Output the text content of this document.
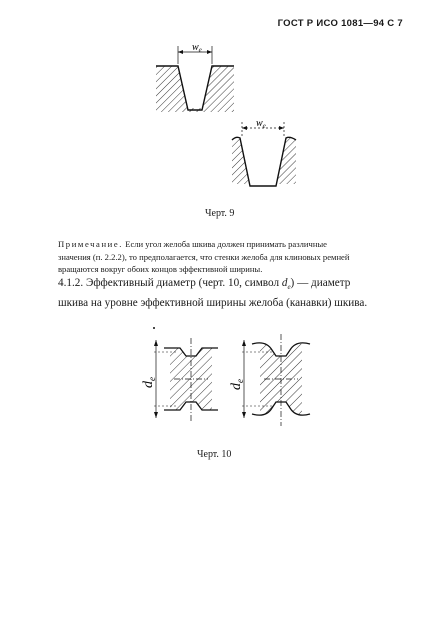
ГОСТ Р ИСО 1081—94 С 7
$w_e$
$w_e$
Черт. 9
Примечание. Если угол желоба шкива должен принимать различные
значения (п. 2.2.2), то предполагается, что стенки желоба для клиновых ремней
вращаются вокруг обоих концов эффективной ширины.
4.1.2. Эффективный диаметр (черт. 10, символ $d_e$) — диаметр
шкива на уровне эффективной ширины желоба (канавки) шкива.
$d_e$
$d_e$
Черт. 10
